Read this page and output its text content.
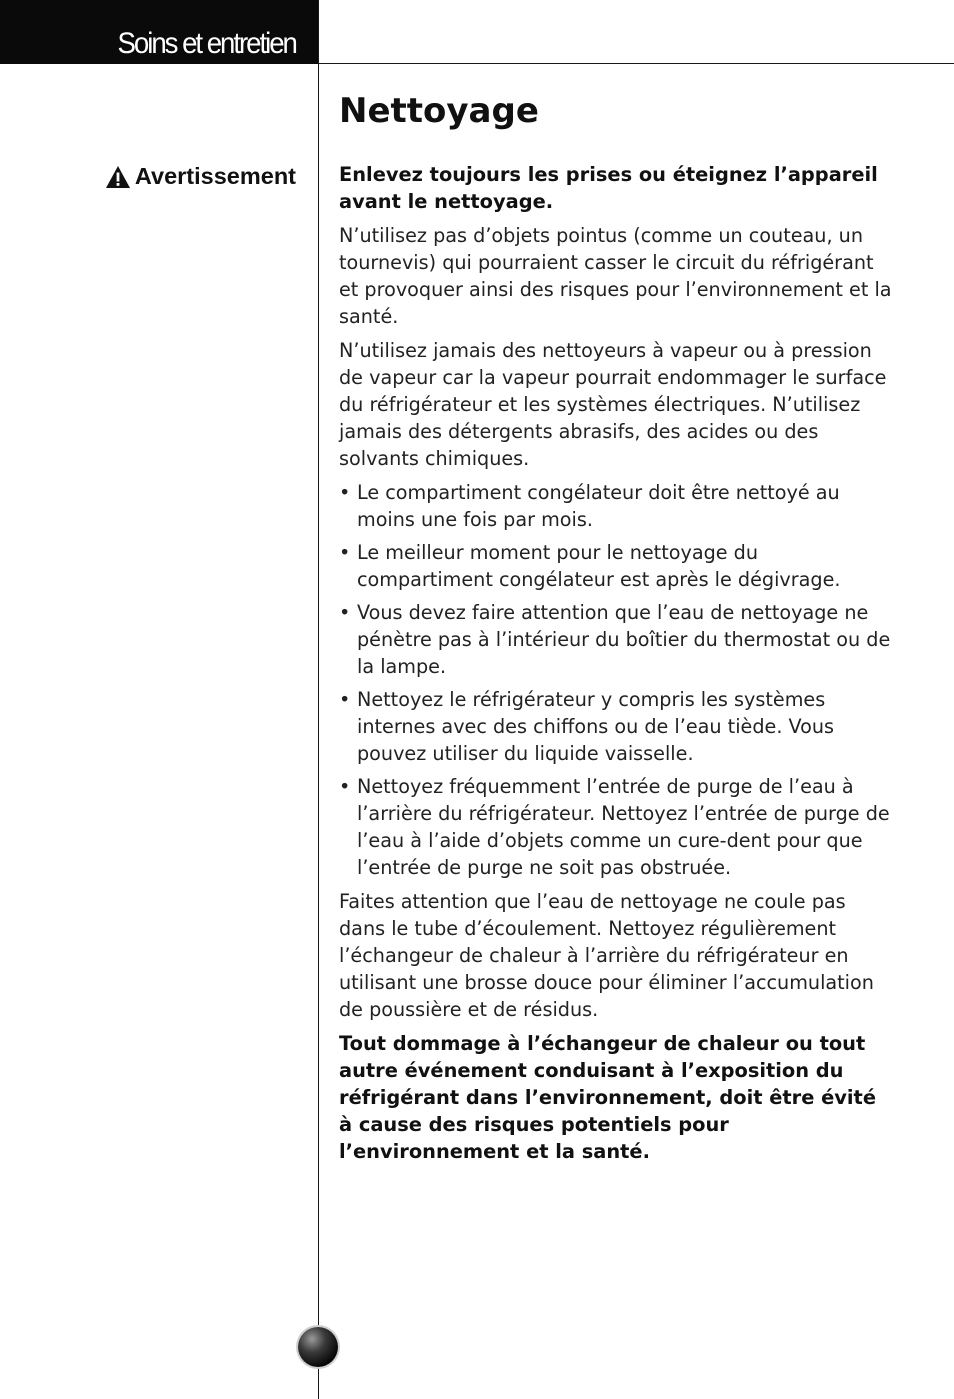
Soins et entretien
Nettoyage
Avertissement Enlevez toujours les prises ou éteignez l’appareil avant le nettoyage.

N’utilisez pas d’objets pointus (comme un couteau, un tournevis) qui pourraient casser le circuit du réfrigérant et provoquer ainsi des risques pour l’environnement et la santé.

N’utilisez jamais des nettoyeurs à vapeur ou à pression de vapeur car la vapeur pourrait endommager le surface du réfrigérateur et les systèmes électriques. N’utilisez jamais des détergents abrasifs, des acides ou des solvants chimiques.

• Le compartiment congélateur doit être nettoyé au moins une fois par mois.
• Le meilleur moment pour le nettoyage du compartiment congélateur est après le dégivrage.
• Vous devez faire attention que l’eau de nettoyage ne pénètre pas à l’intérieur du boîtier du thermostat ou de la lampe.
• Nettoyez le réfrigérateur y compris les systèmes internes avec des chiffons ou de l’eau tiède. Vous pouvez utiliser du liquide vaisselle.
• Nettoyez fréquemment l’entrée de purge de l’eau à l’arrière du réfrigérateur. Nettoyez l’entrée de purge de l’eau à l’aide d’objets comme un cure-dent pour que l’entrée de purge ne soit pas obstruée.

Faites attention que l’eau de nettoyage ne coule pas dans le tube d’écoulement. Nettoyez régulièrement l’échangeur de chaleur à l’arrière du réfrigérateur en utilisant une brosse douce pour éliminer l’accumulation de poussière et de résidus.

Tout dommage à l’échangeur de chaleur ou tout autre événement conduisant à l’exposition du réfrigérant dans l’environnement, doit être évité à cause des risques potentiels pour l’environnement et la santé.
